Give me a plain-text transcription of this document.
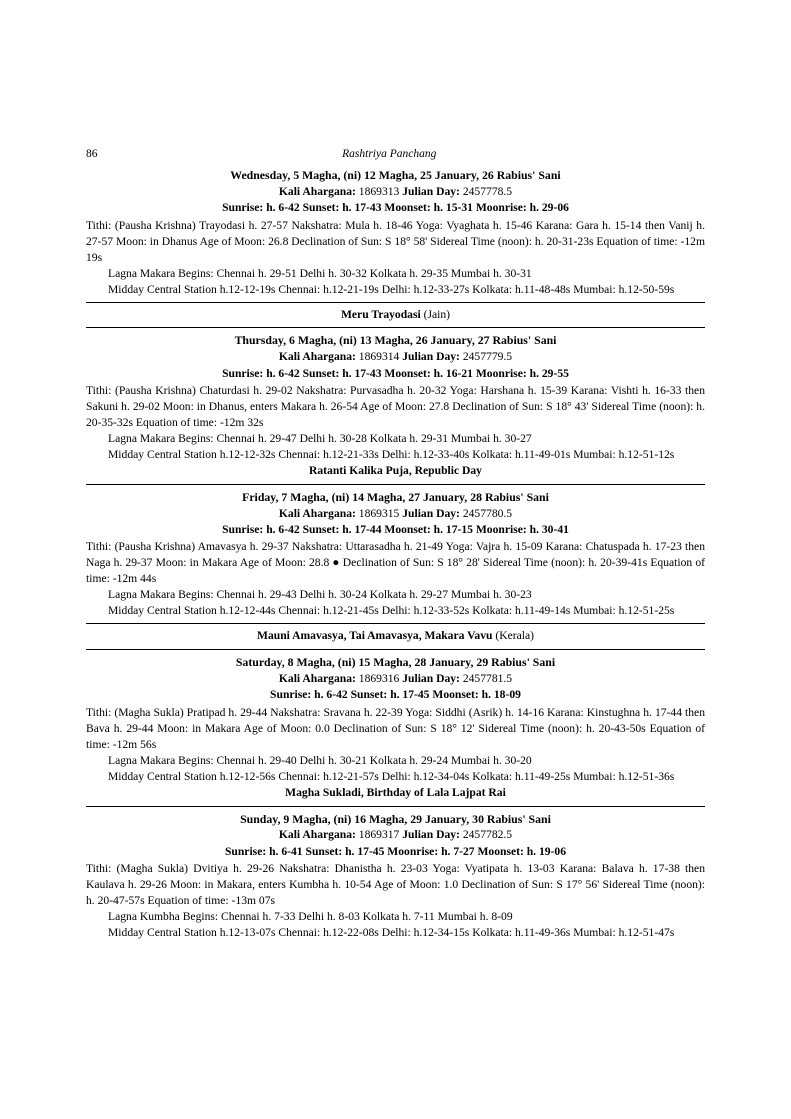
86	Rashtriya Panchang
Wednesday, 5 Magha, (ni) 12 Magha, 25 January, 26 Rabius' Sani
Kali Ahargana: 1869313 Julian Day: 2457778.5
Sunrise: h. 6-42 Sunset: h. 17-43 Moonset: h. 15-31 Moonrise: h. 29-06
Tithi: (Pausha Krishna) Trayodasi h. 27-57 Nakshatra: Mula h. 18-46 Yoga: Vyaghata h. 15-46 Karana: Gara h. 15-14 then Vanij h. 27-57 Moon: in Dhanus Age of Moon: 26.8 Declination of Sun: S 18° 58' Sidereal Time (noon): h. 20-31-23s Equation of time: -12m 19s
Lagna Makara Begins: Chennai h. 29-51 Delhi h. 30-32 Kolkata h. 29-35 Mumbai h. 30-31
Midday Central Station h.12-12-19s Chennai: h.12-21-19s Delhi: h.12-33-27s Kolkata: h.11-48-48s Mumbai: h.12-50-59s
Meru Trayodasi (Jain)
Thursday, 6 Magha, (ni) 13 Magha, 26 January, 27 Rabius' Sani
Kali Ahargana: 1869314 Julian Day: 2457779.5
Sunrise: h. 6-42 Sunset: h. 17-43 Moonset: h. 16-21 Moonrise: h. 29-55
Tithi: (Pausha Krishna) Chaturdasi h. 29-02 Nakshatra: Purvasadha h. 20-32 Yoga: Harshana h. 15-39 Karana: Vishti h. 16-33 then Sakuni h. 29-02 Moon: in Dhanus, enters Makara h. 26-54 Age of Moon: 27.8 Declination of Sun: S 18° 43' Sidereal Time (noon): h. 20-35-32s Equation of time: -12m 32s
Lagna Makara Begins: Chennai h. 29-47 Delhi h. 30-28 Kolkata h. 29-31 Mumbai h. 30-27
Midday Central Station h.12-12-32s Chennai: h.12-21-33s Delhi: h.12-33-40s Kolkata: h.11-49-01s Mumbai: h.12-51-12s
Ratanti Kalika Puja, Republic Day
Friday, 7 Magha, (ni) 14 Magha, 27 January, 28 Rabius' Sani
Kali Ahargana: 1869315 Julian Day: 2457780.5
Sunrise: h. 6-42 Sunset: h. 17-44 Moonset: h. 17-15 Moonrise: h. 30-41
Tithi: (Pausha Krishna) Amavasya h. 29-37 Nakshatra: Uttarasadha h. 21-49 Yoga: Vajra h. 15-09 Karana: Chatuspada h. 17-23 then Naga h. 29-37 Moon: in Makara Age of Moon: 28.8 ● Declination of Sun: S 18° 28' Sidereal Time (noon): h. 20-39-41s Equation of time: -12m 44s
Lagna Makara Begins: Chennai h. 29-43 Delhi h. 30-24 Kolkata h. 29-27 Mumbai h. 30-23
Midday Central Station h.12-12-44s Chennai: h.12-21-45s Delhi: h.12-33-52s Kolkata: h.11-49-14s Mumbai: h.12-51-25s
Mauni Amavasya, Tai Amavasya, Makara Vavu (Kerala)
Saturday, 8 Magha, (ni) 15 Magha, 28 January, 29 Rabius' Sani
Kali Ahargana: 1869316 Julian Day: 2457781.5
Sunrise: h. 6-42 Sunset: h. 17-45 Moonset: h. 18-09
Tithi: (Magha Sukla) Pratipad h. 29-44 Nakshatra: Sravana h. 22-39 Yoga: Siddhi (Asrik) h. 14-16 Karana: Kinstughna h. 17-44 then Bava h. 29-44 Moon: in Makara Age of Moon: 0.0 Declination of Sun: S 18° 12' Sidereal Time (noon): h. 20-43-50s Equation of time: -12m 56s
Lagna Makara Begins: Chennai h. 29-40 Delhi h. 30-21 Kolkata h. 29-24 Mumbai h. 30-20
Midday Central Station h.12-12-56s Chennai: h.12-21-57s Delhi: h.12-34-04s Kolkata: h.11-49-25s Mumbai: h.12-51-36s
Magha Sukladi, Birthday of Lala Lajpat Rai
Sunday, 9 Magha, (ni) 16 Magha, 29 January, 30 Rabius' Sani
Kali Ahargana: 1869317 Julian Day: 2457782.5
Sunrise: h. 6-41 Sunset: h. 17-45 Moonrise: h. 7-27 Moonset: h. 19-06
Tithi: (Magha Sukla) Dvitiya h. 29-26 Nakshatra: Dhanistha h. 23-03 Yoga: Vyatipata h. 13-03 Karana: Balava h. 17-38 then Kaulava h. 29-26 Moon: in Makara, enters Kumbha h. 10-54 Age of Moon: 1.0 Declination of Sun: S 17° 56' Sidereal Time (noon): h. 20-47-57s Equation of time: -13m 07s
Lagna Kumbha Begins: Chennai h. 7-33 Delhi h. 8-03 Kolkata h. 7-11 Mumbai h. 8-09
Midday Central Station h.12-13-07s Chennai: h.12-22-08s Delhi: h.12-34-15s Kolkata: h.11-49-36s Mumbai: h.12-51-47s
